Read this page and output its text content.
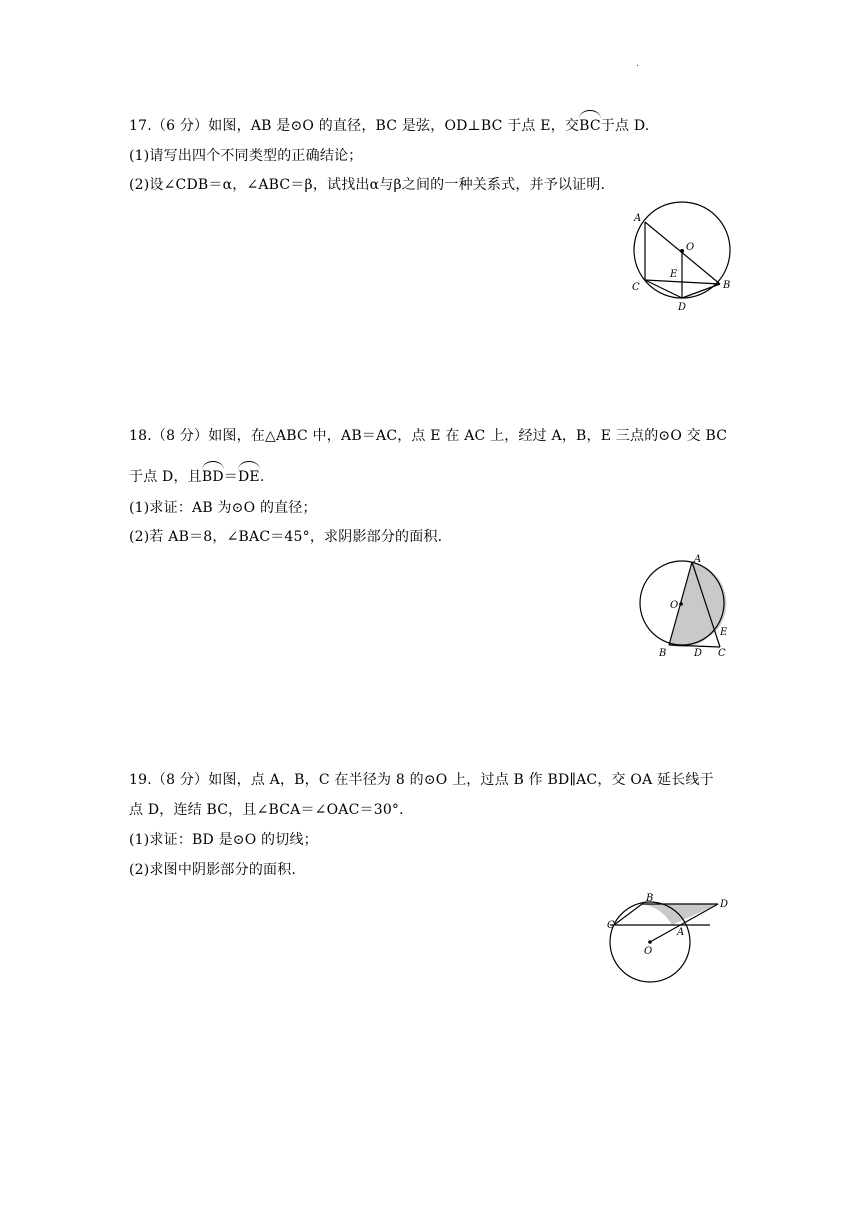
.
17.（6 分）如图，AB 是⊙O 的直径，BC 是弦，OD⊥BC 于点 E，交BC于点 D.
(1)请写出四个不同类型的正确结论；
(2)设∠CDB＝α，∠ABC＝β，试找出α与β之间的一种关系式，并予以证明.
A
O
E
C	B
D
18.（8 分）如图，在△ABC 中，AB＝AC，点 E 在 AC 上，经过 A，B，E 三点的⊙O 交 BC
于点 D，且BD＝DE.
(1)求证：AB 为⊙O 的直径；
(2)若 AB＝8，∠BAC＝45°，求阴影部分的面积.
A
O
E
B	D C
19.（8 分）如图，点 A，B，C 在半径为 8 的⊙O 上，过点 B 作 BD∥AC，交 OA 延长线于
点 D，连结 BC，且∠BCA＝∠OAC＝30°.
(1)求证：BD 是⊙O 的切线；
(2)求图中阴影部分的面积.
B
D
C
A
O
